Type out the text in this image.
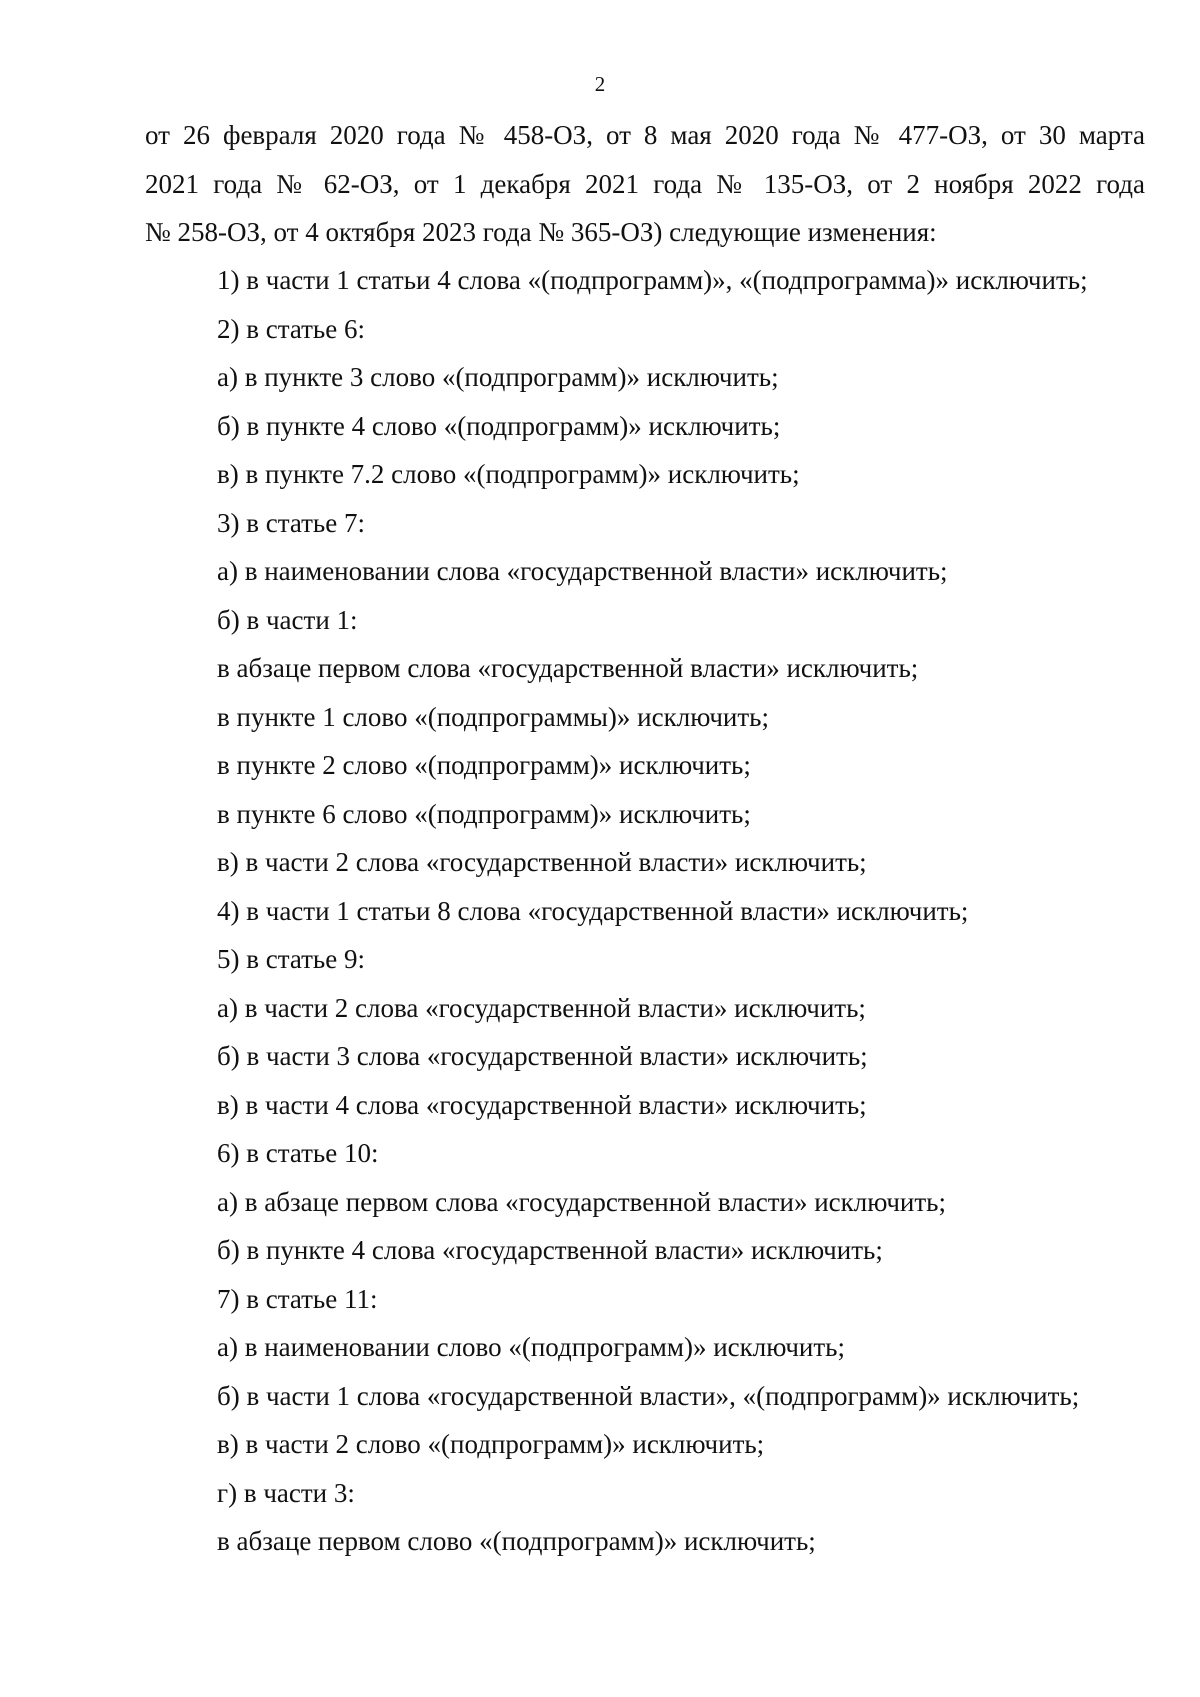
2

от 26 февраля 2020 года № 458-ОЗ, от 8 мая 2020 года № 477-ОЗ, от 30 марта
2021 года № 62-ОЗ, от 1 декабря 2021 года № 135-ОЗ, от 2 ноября 2022 года
№ 258-ОЗ, от 4 октября 2023 года № 365-ОЗ) следующие изменения:

1) в части 1 статьи 4 слова «(подпрограмм)», «(подпрограмма)» исключить;
2) в статье 6:
а) в пункте 3 слово «(подпрограмм)» исключить;
б) в пункте 4 слово «(подпрограмм)» исключить;
в) в пункте 7.2 слово «(подпрограмм)» исключить;
3) в статье 7:
а) в наименовании слова «государственной власти» исключить;
б) в части 1:
в абзаце первом слова «государственной власти» исключить;
в пункте 1 слово «(подпрограммы)» исключить;
в пункте 2 слово «(подпрограмм)» исключить;
в пункте 6 слово «(подпрограмм)» исключить;
в) в части 2 слова «государственной власти» исключить;
4) в части 1 статьи 8 слова «государственной власти» исключить;
5) в статье 9:
а) в части 2 слова «государственной власти» исключить;
б) в части 3 слова «государственной власти» исключить;
в) в части 4 слова «государственной власти» исключить;
6) в статье 10:
а) в абзаце первом слова «государственной власти» исключить;
б) в пункте 4 слова «государственной власти» исключить;
7) в статье 11:
а) в наименовании слово «(подпрограмм)» исключить;
б) в части 1 слова «государственной власти», «(подпрограмм)» исключить;
в) в части 2 слово «(подпрограмм)» исключить;
г) в части 3:
в абзаце первом слово «(подпрограмм)» исключить;
